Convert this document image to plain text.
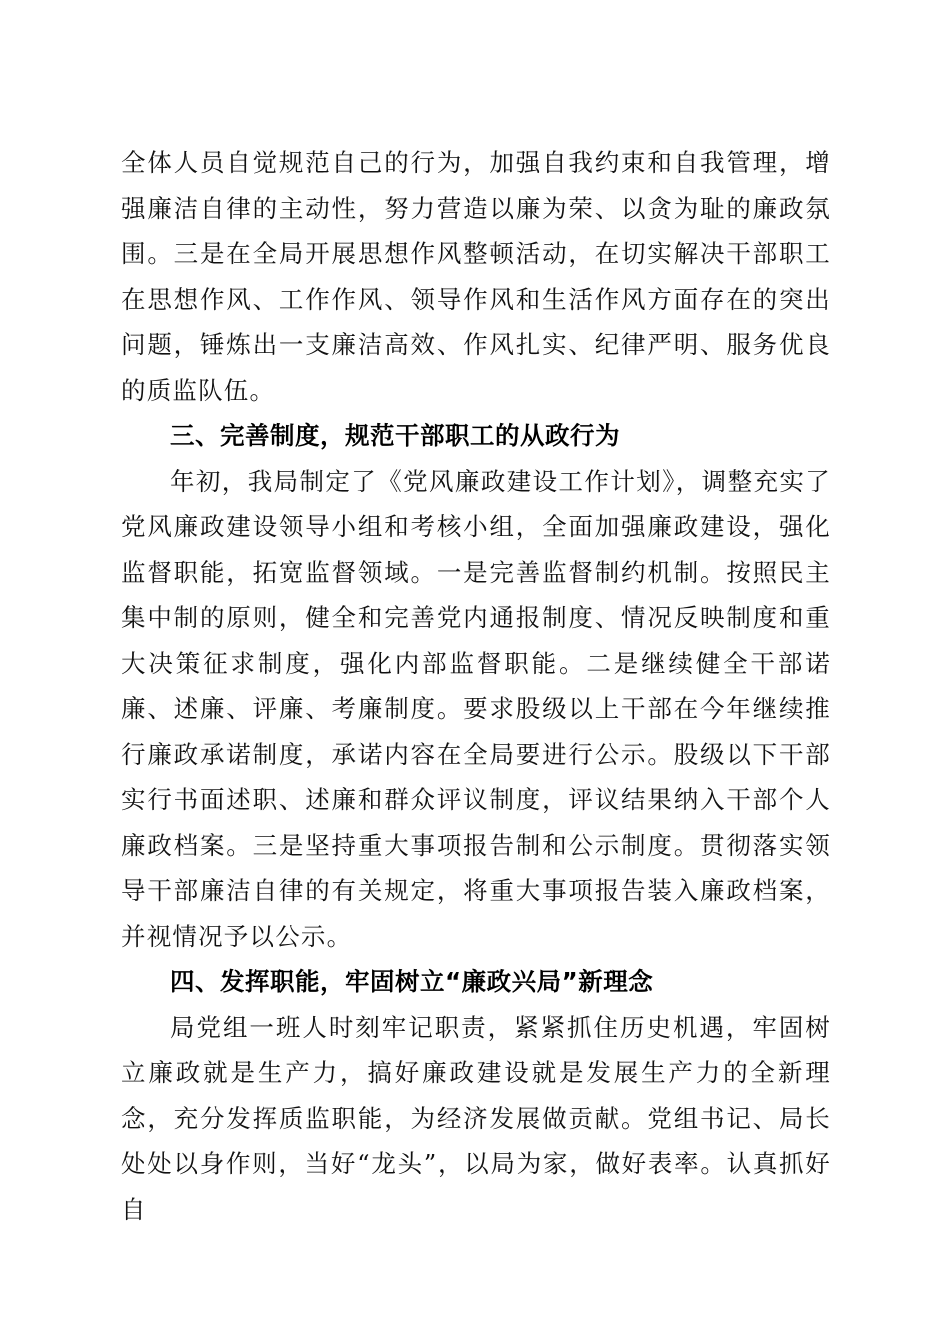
全体人员自觉规范自己的行为，加强自我约束和自我管理，增强廉洁自律的主动性，努力营造以廉为荣、以贪为耻的廉政氛围。三是在全局开展思想作风整顿活动，在切实解决干部职工在思想作风、工作作风、领导作风和生活作风方面存在的突出问题，锤炼出一支廉洁高效、作风扎实、纪律严明、服务优良的质监队伍。

三、完善制度，规范干部职工的从政行为

年初，我局制定了《党风廉政建设工作计划》，调整充实了党风廉政建设领导小组和考核小组，全面加强廉政建设，强化监督职能，拓宽监督领域。一是完善监督制约机制。按照民主集中制的原则，健全和完善党内通报制度、情况反映制度和重大决策征求制度，强化内部监督职能。二是继续健全干部诺廉、述廉、评廉、考廉制度。要求股级以上干部在今年继续推行廉政承诺制度，承诺内容在全局要进行公示。股级以下干部实行书面述职、述廉和群众评议制度，评议结果纳入干部个人廉政档案。三是坚持重大事项报告制和公示制度。贯彻落实领导干部廉洁自律的有关规定，将重大事项报告装入廉政档案，并视情况予以公示。

四、发挥职能，牢固树立“廉政兴局”新理念

局党组一班人时刻牢记职责，紧紧抓住历史机遇，牢固树立廉政就是生产力，搞好廉政建设就是发展生产力的全新理念，充分发挥质监职能，为经济发展做贡献。党组书记、局长处处以身作则，当好“龙头”，以局为家，做好表率。认真抓好自
